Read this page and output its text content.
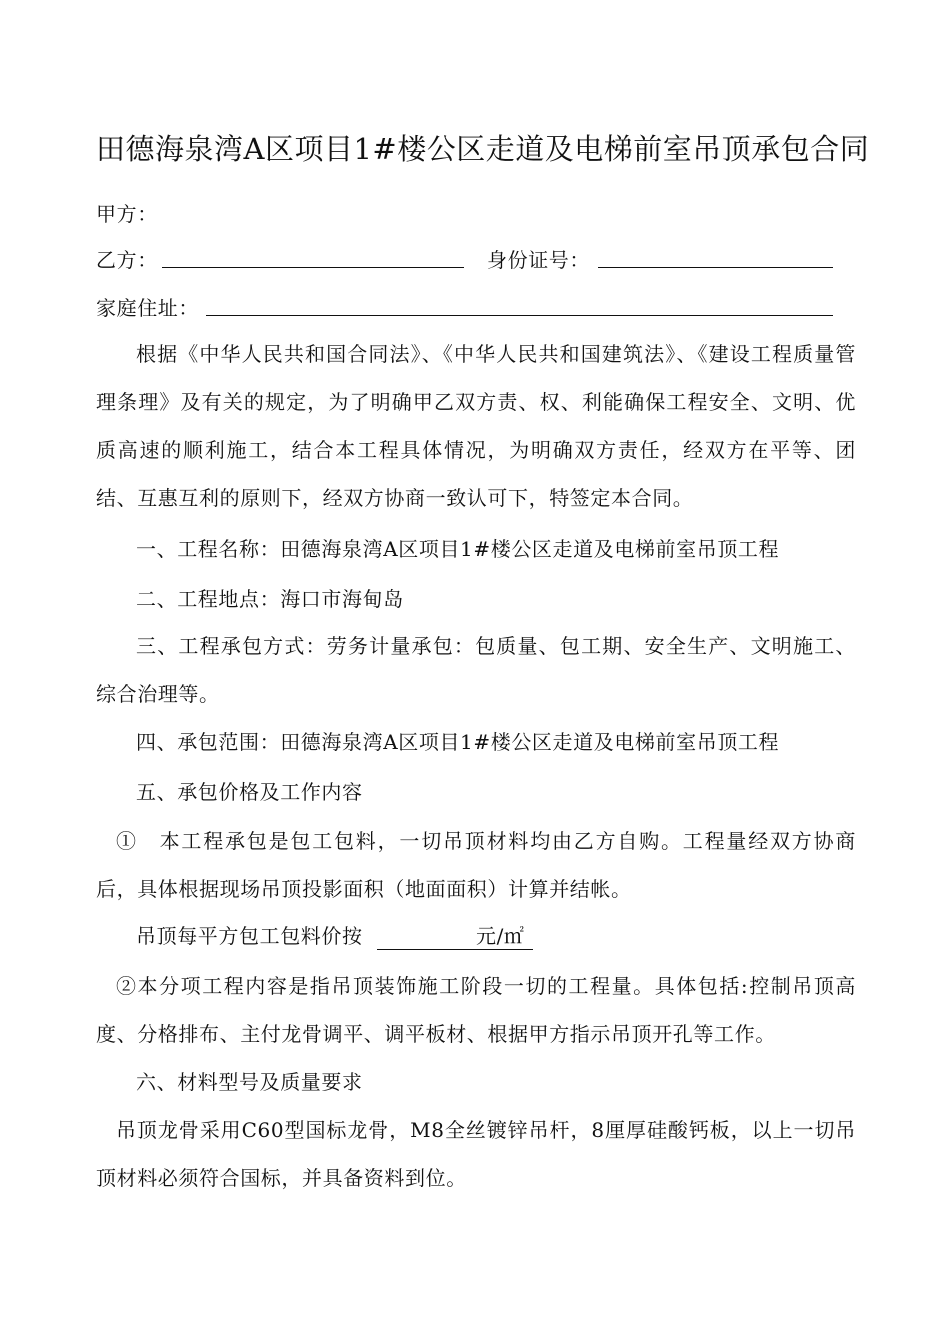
田德海泉湾A区项目1#楼公区走道及电梯前室吊顶承包合同
甲方：
乙方：	身份证号：
家庭住址：
根据《中华人民共和国合同法》、《中华人民共和国建筑法》、《建设工程质量管理条理》及有关的规定，为了明确甲乙双方责、权、利能确保工程安全、文明、优质高速的顺利施工，结合本工程具体情况，为明确双方责任，经双方在平等、团结、互惠互利的原则下，经双方协商一致认可下，特签定本合同。
一、工程名称：田德海泉湾A区项目1#楼公区走道及电梯前室吊顶工程
二、工程地点：海口市海甸岛
三、工程承包方式：劳务计量承包：包质量、包工期、安全生产、文明施工、综合治理等。
四、承包范围：田德海泉湾A区项目1#楼公区走道及电梯前室吊顶工程
五、承包价格及工作内容
①　本工程承包是包工包料，一切吊顶材料均由乙方自购。工程量经双方协商后，具体根据现场吊顶投影面积（地面面积）计算并结帐。
吊顶每平方包工包料价按	元/㎡
②本分项工程内容是指吊顶装饰施工阶段一切的工程量。具体包括:控制吊顶高度、分格排布、主付龙骨调平、调平板材、根据甲方指示吊顶开孔等工作。
六、材料型号及质量要求
吊顶龙骨采用C60型国标龙骨，M8全丝镀锌吊杆，8厘厚硅酸钙板，以上一切吊顶材料必须符合国标，并具备资料到位。
